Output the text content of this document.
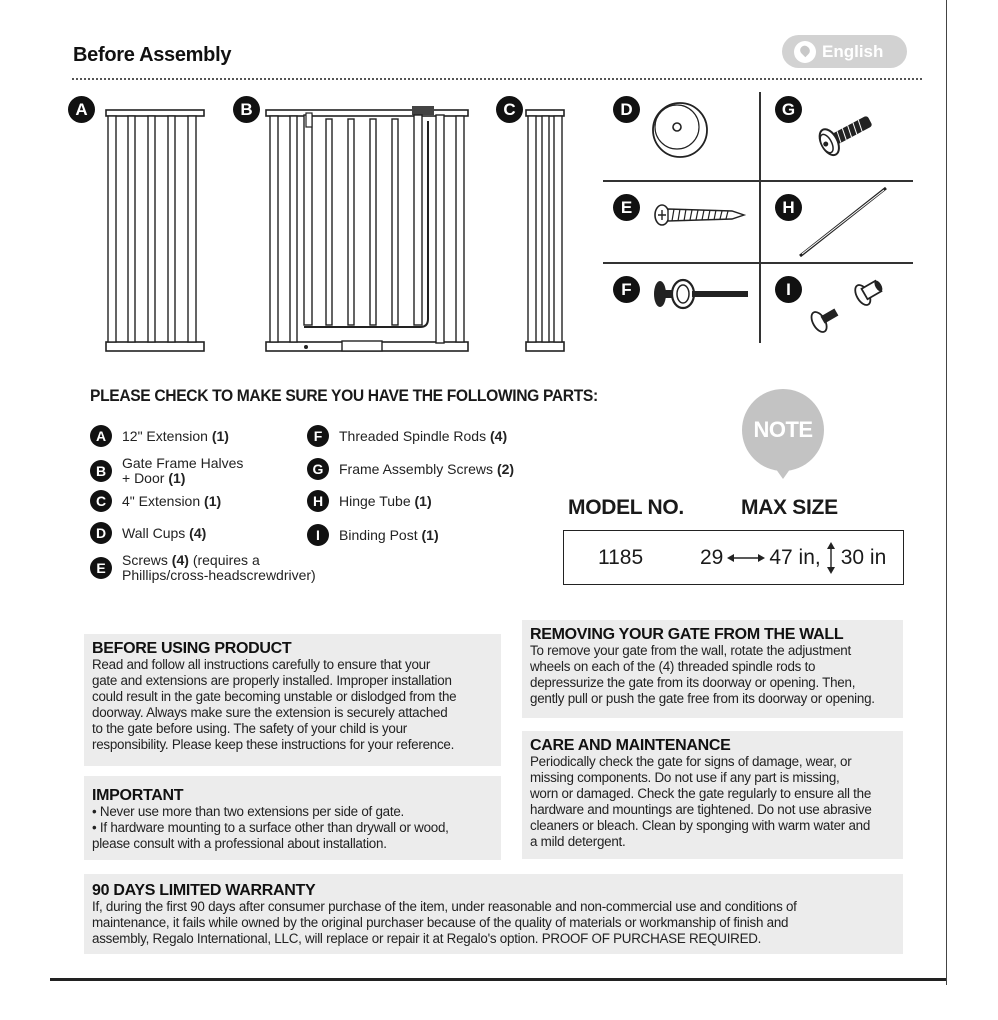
Before Assembly	English
A	B	C	D	G
E	H
F	I
PLEASE CHECK TO MAKE SURE YOU HAVE THE FOLLOWING PARTS:
A	12" Extension (1)
B	Gate Frame Halves
+ Door (1)
C	4" Extension (1)
D	Wall Cups (4)
E	Screws (4) (requires a
Phillips/cross-headscrewdriver)
F	Threaded Spindle Rods (4)
G	Frame Assembly Screws (2)
H	Hinge Tube (1)
I	Binding Post (1)
NOTE
MODEL NO.	MAX SIZE
1185	29 47 in, 30 in
BEFORE USING PRODUCT

Read and follow all instructions carefully to ensure that your

gate and extensions are properly installed. Improper installation

could result in the gate becoming unstable or dislodged from the

doorway. Always make sure the extension is securely attached

to the gate before using. The safety of your child is your

responsibility. Please keep these instructions for your reference.

IMPORTANT

• Never use more than two extensions per side of gate.

• If hardware mounting to a surface other than drywall or wood,

please consult with a professional about installation.

REMOVING YOUR GATE FROM THE WALL

To remove your gate from the wall, rotate the adjustment

wheels on each of the (4) threaded spindle rods to

depressurize the gate from its doorway or opening. Then,

gently pull or push the gate free from its doorway or opening.

CARE AND MAINTENANCE

Periodically check the gate for signs of damage, wear, or

missing components. Do not use if any part is missing,

worn or damaged. Check the gate regularly to ensure all the

hardware and mountings are tightened. Do not use abrasive

cleaners or bleach. Clean by sponging with warm water and

a mild detergent.

90 DAYS LIMITED WARRANTY

If, during the first 90 days after consumer purchase of the item, under reasonable and non-commercial use and conditions of

maintenance, it fails while owned by the original purchaser because of the quality of materials or workmanship of finish and

assembly, Regalo International, LLC, will replace or repair it at Regalo's option. PROOF OF PURCHASE REQUIRED.
